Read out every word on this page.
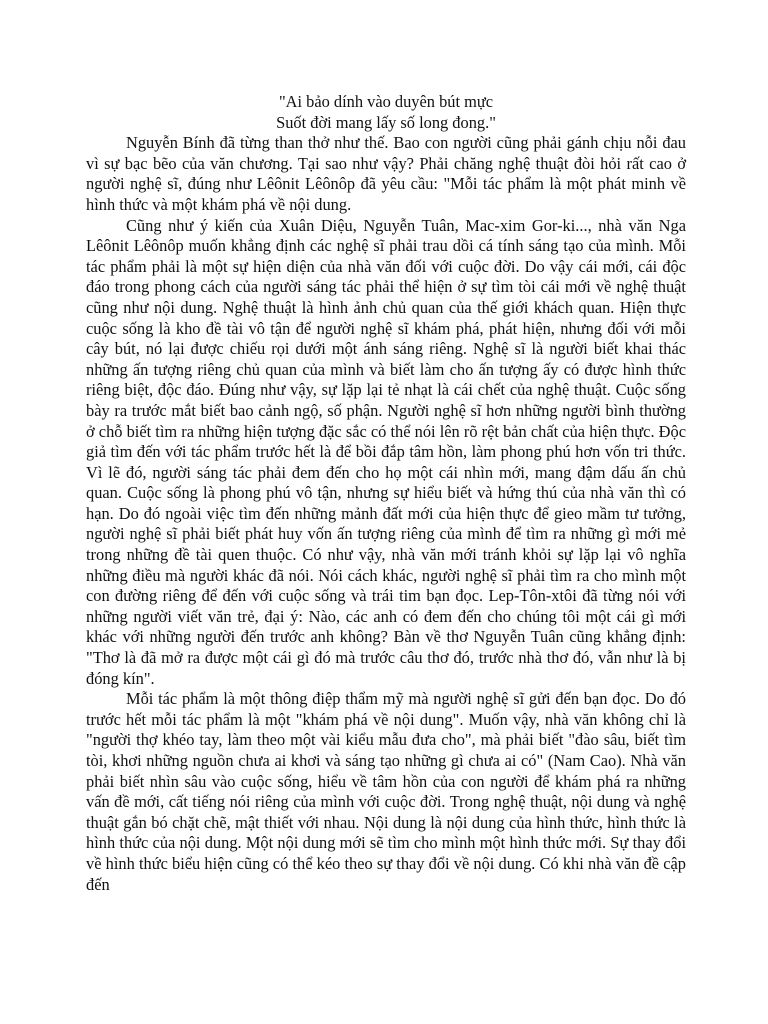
"Ai bảo dính vào duyên bút mực
Suốt đời mang lấy số long đong."

Nguyễn Bính đã từng than thở như thế. Bao con người cũng phải gánh chịu nỗi đau vì sự bạc bẽo của văn chương. Tại sao như vậy? Phải chăng nghệ thuật đòi hỏi rất cao ở người nghệ sĩ, đúng như Lêônit Lêônôp đã yêu cầu: "Mỗi tác phẩm là một phát minh về hình thức và một khám phá về nội dung.

Cũng như ý kiến của Xuân Diệu, Nguyễn Tuân, Mac-xim Gor-ki..., nhà văn Nga Lêônit Lêônôp muốn khẳng định các nghệ sĩ phải trau dồi cá tính sáng tạo của mình. Mỗi tác phẩm phải là một sự hiện diện của nhà văn đối với cuộc đời. Do vậy cái mới, cái độc đáo trong phong cách của người sáng tác phải thể hiện ở sự tìm tòi cái mới về nghệ thuật cũng như nội dung. Nghệ thuật là hình ảnh chủ quan của thế giới khách quan. Hiện thực cuộc sống là kho đề tài vô tận để người nghệ sĩ khám phá, phát hiện, nhưng đối với mỗi cây bút, nó lại được chiếu rọi dưới một ánh sáng riêng. Nghệ sĩ là người biết khai thác những ấn tượng riêng chủ quan của mình và biết làm cho ấn tượng ấy có được hình thức riêng biệt, độc đáo. Đúng như vậy, sự lặp lại tẻ nhạt là cái chết của nghệ thuật. Cuộc sống bày ra trước mắt biết bao cảnh ngộ, số phận. Người nghệ sĩ hơn những người bình thường ở chỗ biết tìm ra những hiện tượng đặc sắc có thể nói lên rõ rệt bản chất của hiện thực. Độc giả tìm đến với tác phẩm trước hết là để bồi đắp tâm hồn, làm phong phú hơn vốn tri thức. Vì lẽ đó, người sáng tác phải đem đến cho họ một cái nhìn mới, mang đậm dấu ấn chủ quan. Cuộc sống là phong phú vô tận, nhưng sự hiểu biết và hứng thú của nhà văn thì có hạn. Do đó ngoài việc tìm đến những mảnh đất mới của hiện thực để gieo mầm tư tưởng, người nghệ sĩ phải biết phát huy vốn ấn tượng riêng của mình để tìm ra những gì mới mẻ trong những đề tài quen thuộc. Có như vậy, nhà văn mới tránh khỏi sự lặp lại vô nghĩa những điều mà người khác đã nói. Nói cách khác, người nghệ sĩ phải tìm ra cho mình một con đường riêng để đến với cuộc sống và trái tim bạn đọc. Lep-Tôn-xtôi đã từng nói với những người viết văn trẻ, đại ý: Nào, các anh có đem đến cho chúng tôi một cái gì mới khác với những người đến trước anh không? Bàn về thơ Nguyễn Tuân cũng khẳng định: "Thơ là đã mở ra được một cái gì đó mà trước câu thơ đó, trước nhà thơ đó, vẫn như là bị đóng kín".

Mỗi tác phẩm là một thông điệp thẩm mỹ mà người nghệ sĩ gửi đến bạn đọc. Do đó trước hết mỗi tác phẩm là một "khám phá về nội dung". Muốn vậy, nhà văn không chỉ là "người thợ khéo tay, làm theo một vài kiểu mẫu đưa cho", mà phải biết "đào sâu, biết tìm tòi, khơi những nguồn chưa ai khơi và sáng tạo những gì chưa ai có" (Nam Cao). Nhà văn phải biết nhìn sâu vào cuộc sống, hiểu về tâm hồn của con người để khám phá ra những vấn đề mới, cất tiếng nói riêng của mình với cuộc đời. Trong nghệ thuật, nội dung và nghệ thuật gắn bó chặt chẽ, mật thiết với nhau. Nội dung là nội dung của hình thức, hình thức là hình thức của nội dung. Một nội dung mới sẽ tìm cho mình một hình thức mới. Sự thay đổi về hình thức biểu hiện cũng có thể kéo theo sự thay đổi về nội dung. Có khi nhà văn đề cập đến
